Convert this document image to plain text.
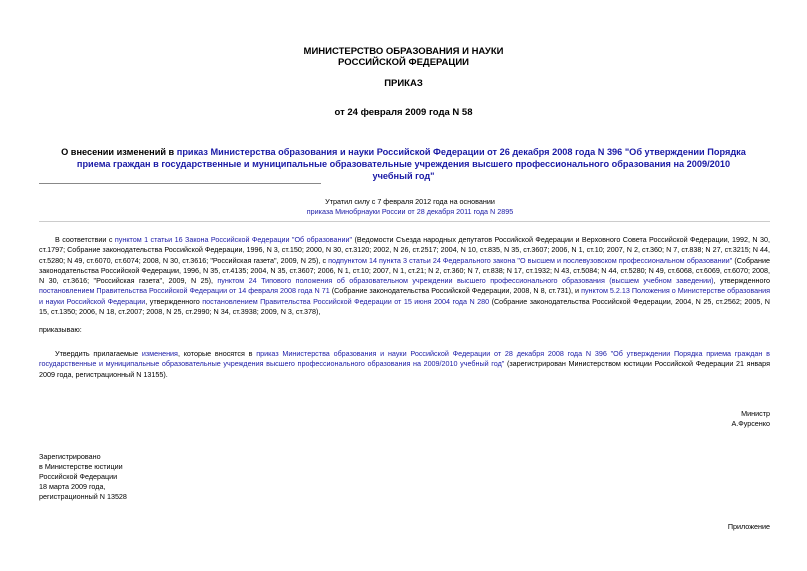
МИНИСТЕРСТВО ОБРАЗОВАНИЯ И НАУКИ
РОССИЙСКОЙ ФЕДЕРАЦИИ
ПРИКАЗ
от 24 февраля 2009 года N 58
О внесении изменений в приказ Министерства образования и науки Российской Федерации от 26 декабря 2008 года N 396 "Об утверждении Порядка приема граждан в государственные и муниципальные образовательные учреждения высшего профессионального образования на 2009/2010 учебный год"
Утратил силу с 7 февраля 2012 года на основании
приказа Минобрнауки России от 28 декабря 2011 года N 2895
В соответствии с пунктом 1 статьи 16 Закона Российской Федерации "Об образовании" (Ведомости Съезда народных депутатов Российской Федерации и Верховного Совета Российской Федерации, 1992, N 30, ст.1797; Собрание законодательства Российской Федерации, 1996, N 3, ст.150; 2000, N 30, ст.3120; 2002, N 26, ст.2517; 2004, N 10, ст.835, N 35, ст.3607; 2006, N 1, ст.10; 2007, N 2, ст.360; N 7, ст.838; N 27, ст.3215; N 44, ст.5280; N 49, ст.6070, ст.6074; 2008, N 30, ст.3616; "Российская газета", 2009, N 25), с подпунктом 14 пункта 3 статьи 24 Федерального закона "О высшем и послевузовском профессиональном образовании" (Собрание законодательства Российской Федерации, 1996, N 35, ст.4135; 2004, N 35, ст.3607; 2006, N 1, ст.10; 2007, N 1, ст.21; N 2, ст.360; N 7, ст.838; N 17, ст.1932; N 43, ст.5084; N 44, ст.5280; N 49, ст.6068, ст.6069, ст.6070; 2008, N 30, ст.3616; "Российская газета", 2009, N 25), пунктом 24 Типового положения об образовательном учреждении высшего профессионального образования (высшем учебном заведении), утвержденного постановлением Правительства Российской Федерации от 14 февраля 2008 года N 71 (Собрание законодательства Российской Федерации, 2008, N 8, ст.731), и пунктом 5.2.13 Положения о Министерстве образования и науки Российской Федерации, утвержденного постановлением Правительства Российской Федерации от 15 июня 2004 года N 280 (Собрание законодательства Российской Федерации, 2004, N 25, ст.2562; 2005, N 15, ст.1350; 2006, N 18, ст.2007; 2008, N 25, ст.2990; N 34, ст.3938; 2009, N 3, ст.378),
приказываю:
Утвердить прилагаемые изменения, которые вносятся в приказ Министерства образования и науки Российской Федерации от 28 декабря 2008 года N 396 "Об утверждении Порядка приема граждан в государственные и муниципальные образовательные учреждения высшего профессионального образования на 2009/2010 учебный год" (зарегистрирован Министерством юстиции Российской Федерации 21 января 2009 года, регистрационный N 13155).
Министр
А.Фурсенко
Зарегистрировано
в Министерстве юстиции
Российской Федерации
18 марта 2009 года,
регистрационный N 13528
Приложение
